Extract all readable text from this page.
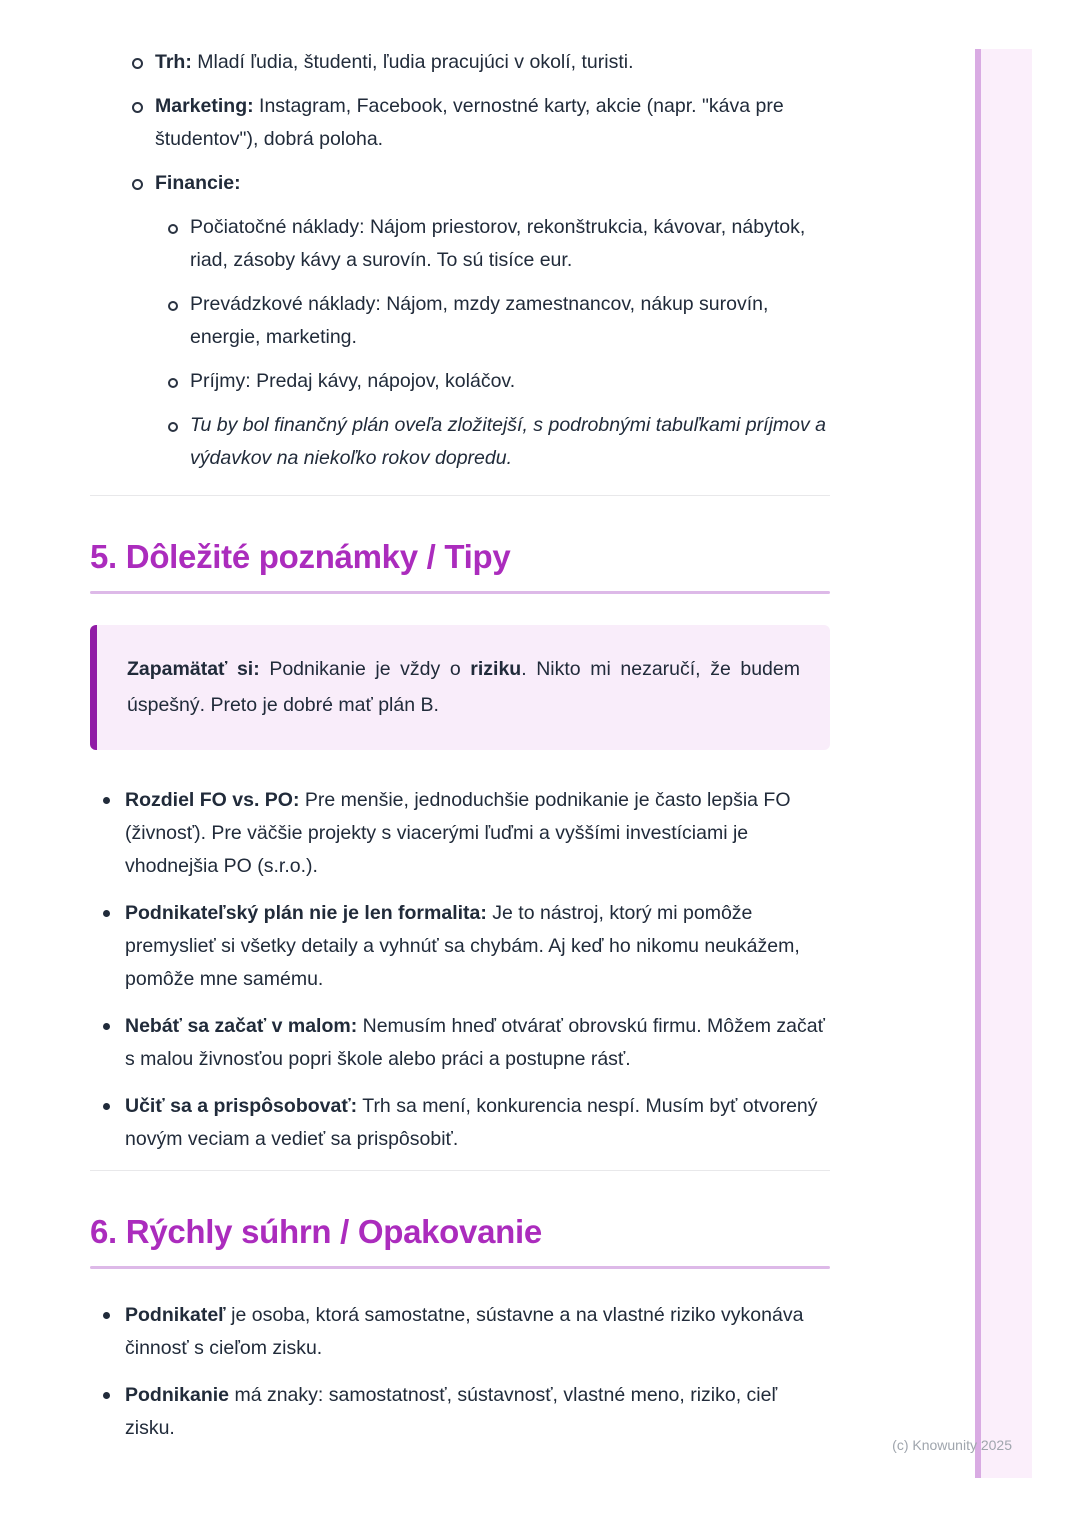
Trh: Mladí ľudia, študenti, ľudia pracujúci v okolí, turisti.
Marketing: Instagram, Facebook, vernostné karty, akcie (napr. "káva pre študentov"), dobrá poloha.
Financie:
Počiatočné náklady: Nájom priestorov, rekonštrukcia, kávovar, nábytok, riad, zásoby kávy a surovín. To sú tisíce eur.
Prevádzkové náklady: Nájom, mzdy zamestnancov, nákup surovín, energie, marketing.
Príjmy: Predaj kávy, nápojov, koláčov.
Tu by bol finančný plán oveľa zložitejší, s podrobnými tabuľkami príjmov a výdavkov na niekoľko rokov dopredu.
5. Dôležité poznámky / Tipy
Zapamätať si: Podnikanie je vždy o riziku. Nikto mi nezaručí, že budem úspešný. Preto je dobré mať plán B.
Rozdiel FO vs. PO: Pre menšie, jednoduchšie podnikanie je často lepšia FO (živnosť). Pre väčšie projekty s viacerými ľuďmi a vyššími investíciami je vhodnejšia PO (s.r.o.).
Podnikateľský plán nie je len formalita: Je to nástroj, ktorý mi pomôže premyslieť si všetky detaily a vyhnúť sa chybám. Aj keď ho nikomu neukážem, pomôže mne samému.
Nebáť sa začať v malom: Nemusím hneď otvárať obrovskú firmu. Môžem začať s malou živnosťou popri škole alebo práci a postupne rásť.
Učiť sa a prispôsobovať: Trh sa mení, konkurencia nespí. Musím byť otvorený novým veciam a vedieť sa prispôsobiť.
6. Rýchly súhrn / Opakovanie
Podnikateľ je osoba, ktorá samostatne, sústavne a na vlastné riziko vykonáva činnosť s cieľom zisku.
Podnikanie má znaky: samostatnosť, sústavnosť, vlastné meno, riziko, cieľ zisku.
(c) Knowunity 2025
